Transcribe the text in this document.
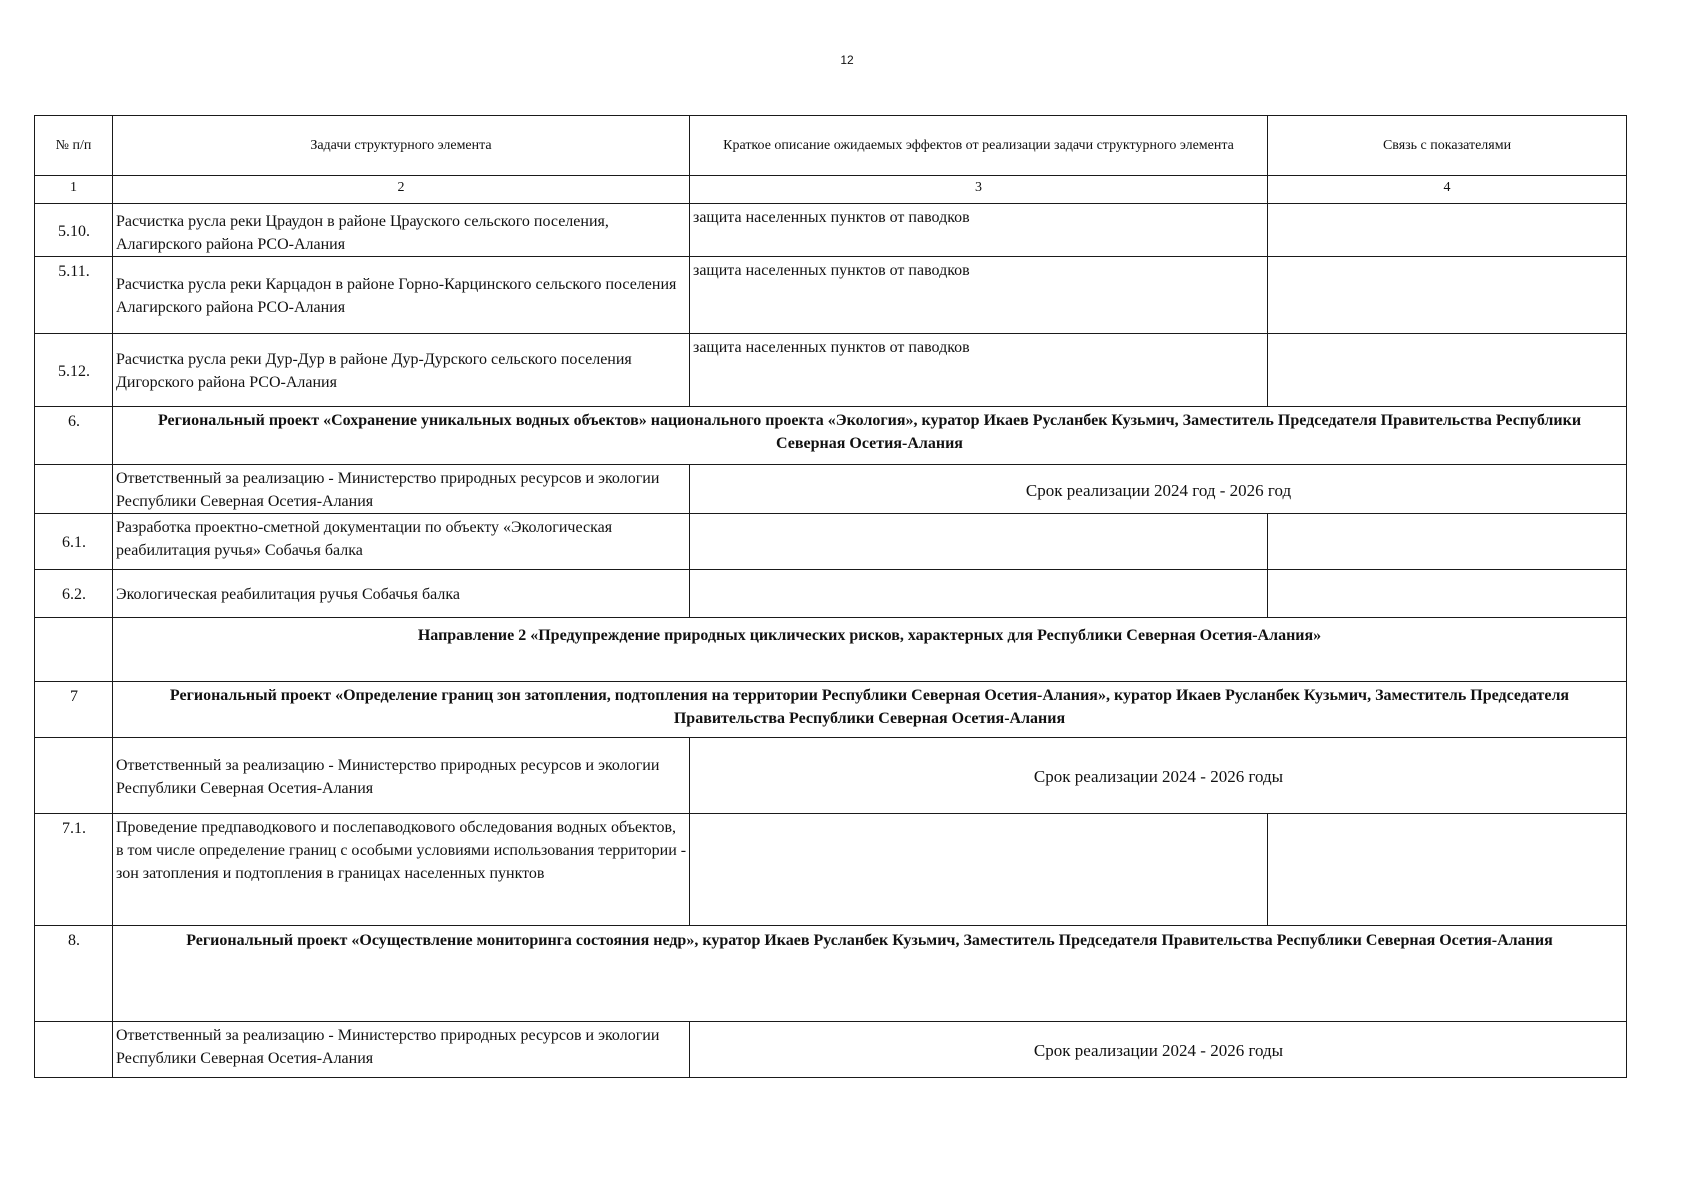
12
№ п/п	Задачи структурного элемента	Краткое описание ожидаемых эффектов от реализации задачи структурного элемента	Связь с показателями
1	2	3	4
5.10.	Расчистка русла реки Цраудон в районе Црауского сельского поселения, Алагирского района РСО-Алания	защита населенных пунктов от паводков	
5.11.	Расчистка русла реки Карцадон в районе Горно-Карцинского сельского поселения Алагирского района РСО-Алания	защита населенных пунктов от паводков	
5.12.	Расчистка русла реки Дур-Дур в районе Дур-Дурского сельского поселения Дигорского района РСО-Алания	защита населенных пунктов от паводков	
6.	Региональный проект «Сохранение уникальных водных объектов» национального проекта «Экология», куратор Икаев Русланбек Кузьмич, Заместитель Председателя Правительства Республики Северная Осетия-Алания		
	Ответственный за реализацию - Министерство природных ресурсов и экологии Республики Северная Осетия-Алания	Срок реализации 2024 год - 2026 год	
6.1.	Разработка проектно-сметной документации по объекту «Экологическая реабилитация ручья» Собачья балка		
6.2.	Экологическая реабилитация ручья Собачья балка		
	Направление 2 «Предупреждение природных циклических рисков, характерных для Республики Северная Осетия-Алания»		
7	Региональный проект «Определение границ зон затопления, подтопления на территории Республики Северная Осетия-Алания», куратор Икаев Русланбек Кузьмич, Заместитель Председателя Правительства Республики Северная Осетия-Алания		
	Ответственный за реализацию - Министерство природных ресурсов и экологии Республики Северная Осетия-Алания	Срок реализации 2024 - 2026 годы	
7.1.	Проведение предпаводкового и послепаводкового обследования водных объектов, в том числе определение границ с особыми условиями использования территории - зон затопления и подтопления в границах населенных пунктов		
8.	Региональный проект «Осуществление мониторинга состояния недр», куратор Икаев Русланбек Кузьмич, Заместитель Председателя Правительства Республики Северная Осетия-Алания		
	Ответственный за реализацию - Министерство природных ресурсов и экологии Республики Северная Осетия-Алания	Срок реализации 2024 - 2026 годы	
